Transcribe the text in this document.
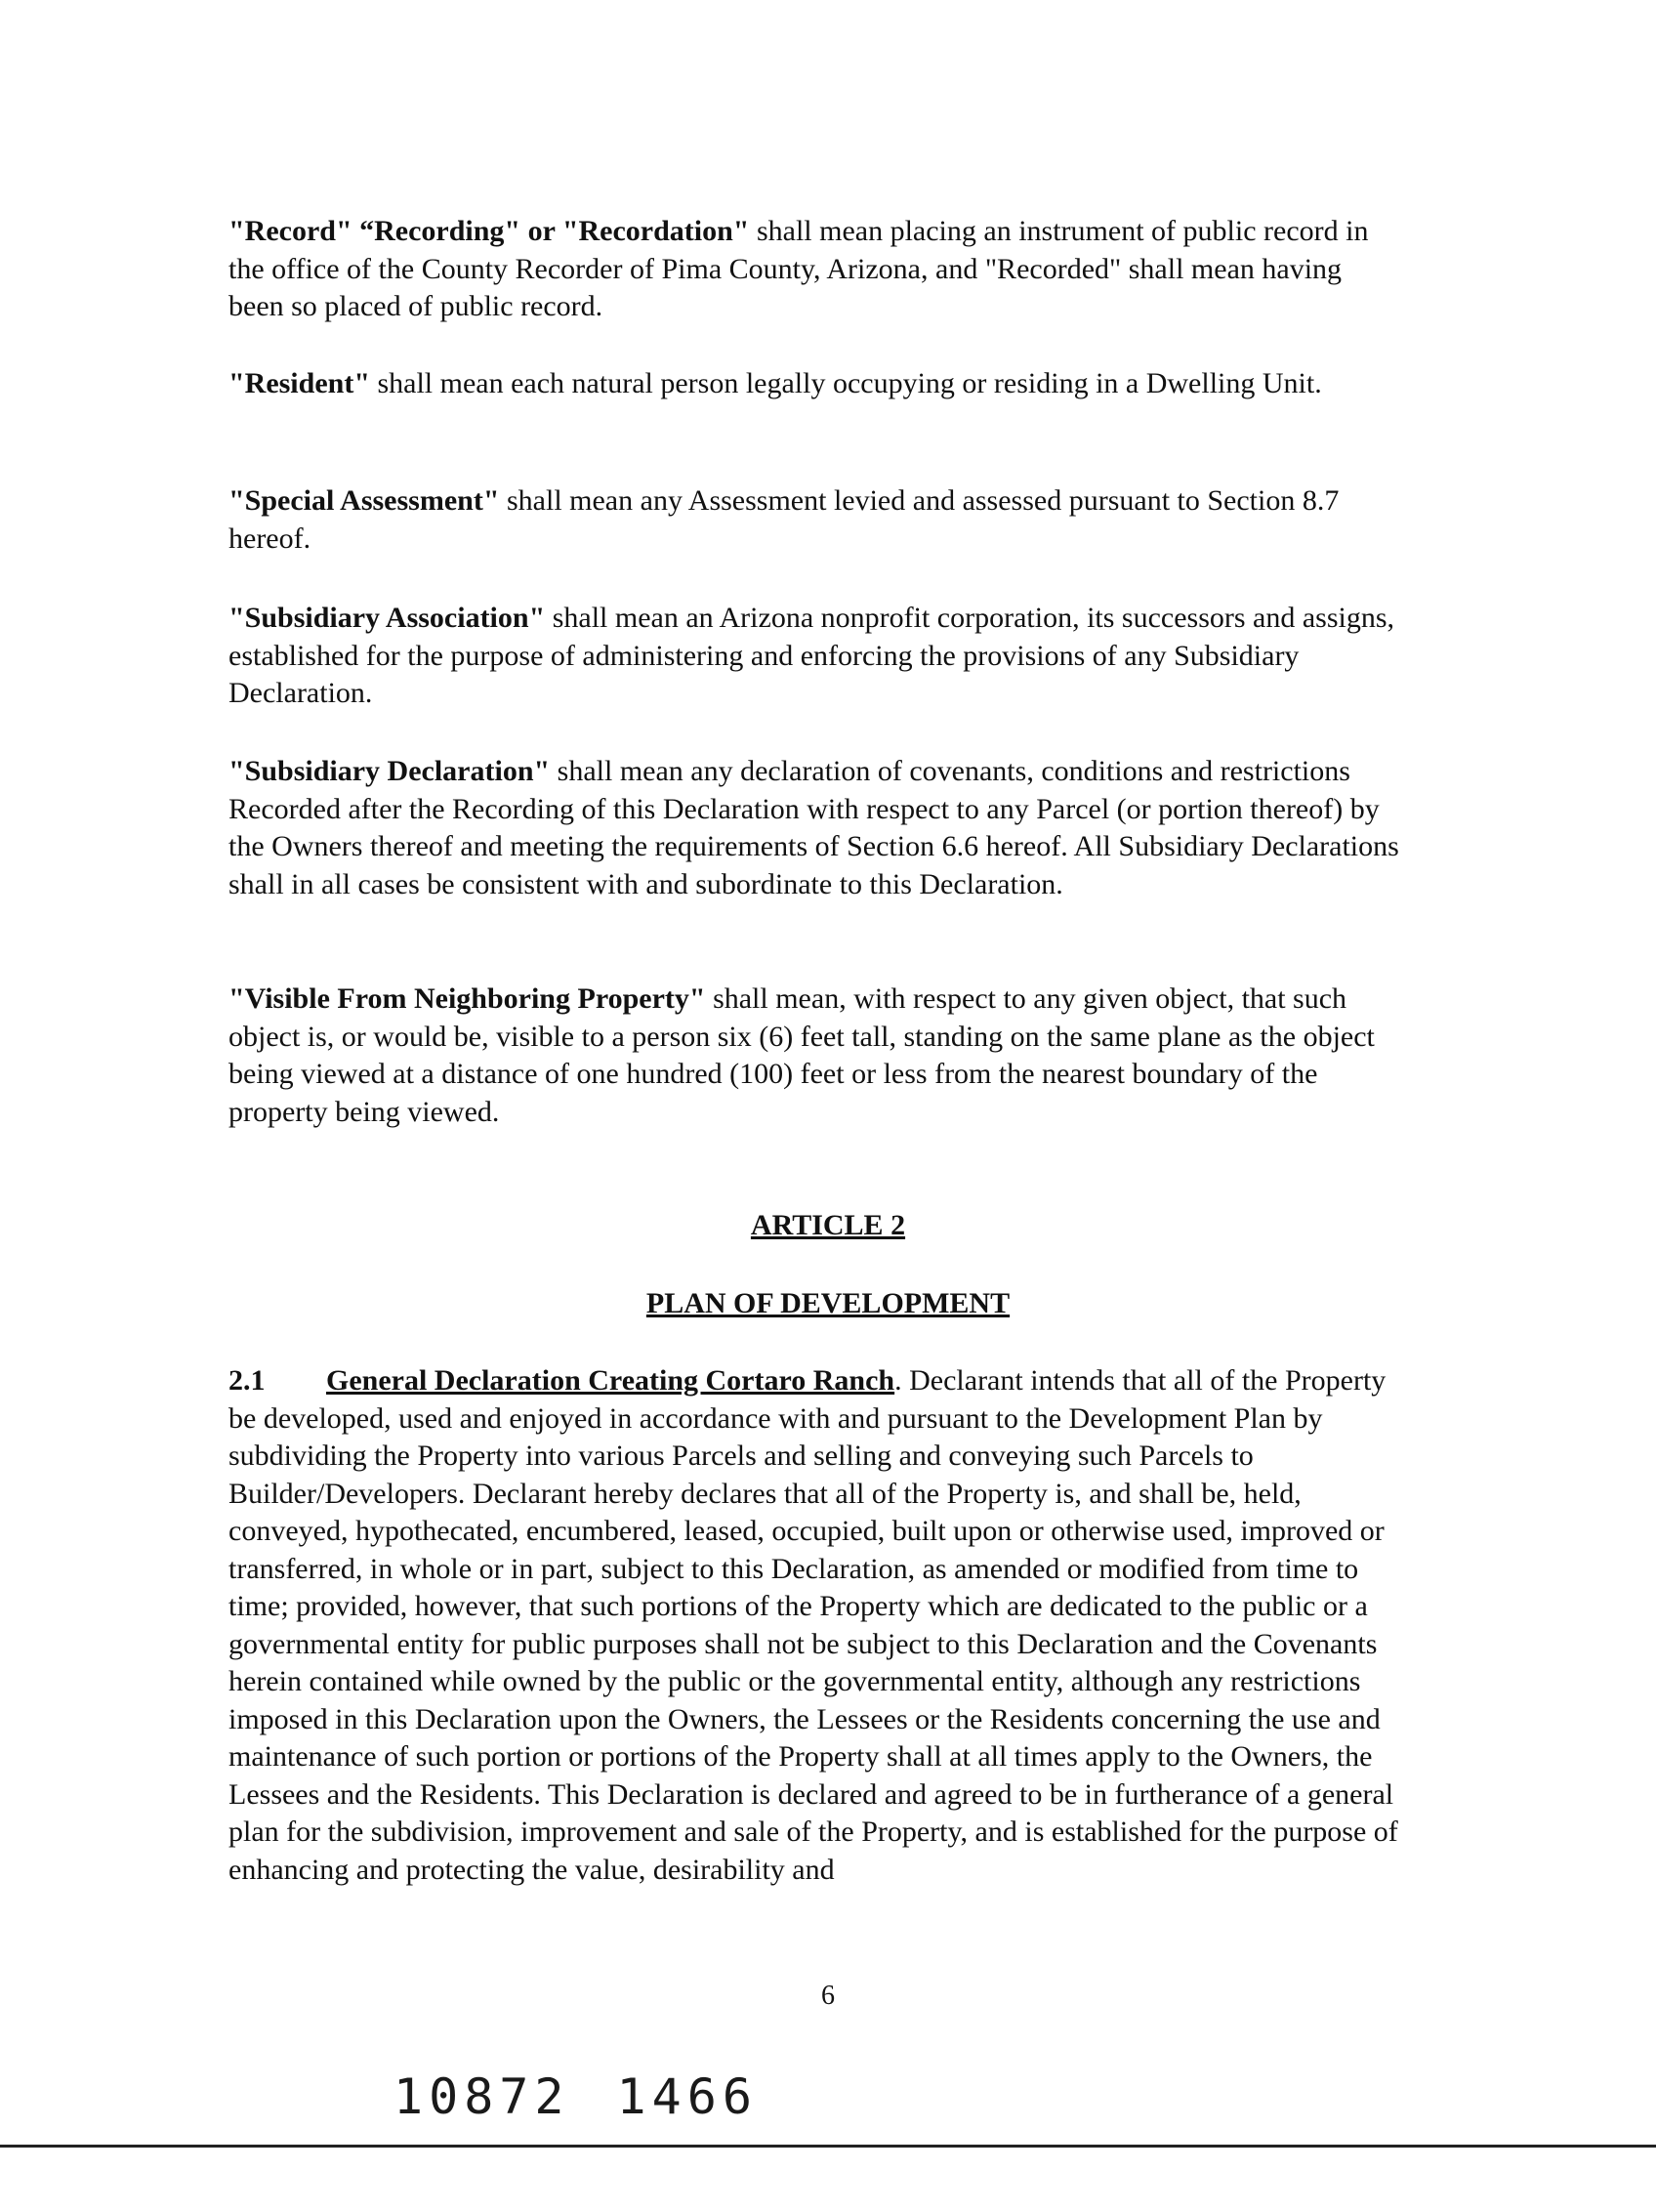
"Record" “Recording" or "Recordation" shall mean placing an instrument of public record in the office of the County Recorder of Pima County, Arizona, and "Recorded" shall mean having been so placed of public record.

"Resident" shall mean each natural person legally occupying or residing in a Dwelling Unit.

"Special Assessment" shall mean any Assessment levied and assessed pursuant to Section 8.7 hereof.

"Subsidiary Association" shall mean an Arizona nonprofit corporation, its successors and assigns, established for the purpose of administering and enforcing the provisions of any Subsidiary Declaration.

"Subsidiary Declaration" shall mean any declaration of covenants, conditions and restrictions Recorded after the Recording of this Declaration with respect to any Parcel (or portion thereof) by the Owners thereof and meeting the requirements of Section 6.6 hereof. All Subsidiary Declarations shall in all cases be consistent with and subordinate to this Declaration.

"Visible From Neighboring Property" shall mean, with respect to any given object, that such object is, or would be, visible to a person six (6) feet tall, standing on the same plane as the object being viewed at a distance of one hundred (100) feet or less from the nearest boundary of the property being viewed.

ARTICLE 2

PLAN OF DEVELOPMENT

2.1 General Declaration Creating Cortaro Ranch. Declarant intends that all of the Property be developed, used and enjoyed in accordance with and pursuant to the Development Plan by subdividing the Property into various Parcels and selling and conveying such Parcels to Builder/Developers. Declarant hereby declares that all of the Property is, and shall be, held, conveyed, hypothecated, encumbered, leased, occupied, built upon or otherwise used, improved or transferred, in whole or in part, subject to this Declaration, as amended or modified from time to time; provided, however, that such portions of the Property which are dedicated to the public or a governmental entity for public purposes shall not be subject to this Declaration and the Covenants herein contained while owned by the public or the governmental entity, although any restrictions imposed in this Declaration upon the Owners, the Lessees or the Residents concerning the use and maintenance of such portion or portions of the Property shall at all times apply to the Owners, the Lessees and the Residents. This Declaration is declared and agreed to be in furtherance of a general plan for the subdivision, improvement and sale of the Property, and is established for the purpose of enhancing and protecting the value, desirability and

6
10872 1466
